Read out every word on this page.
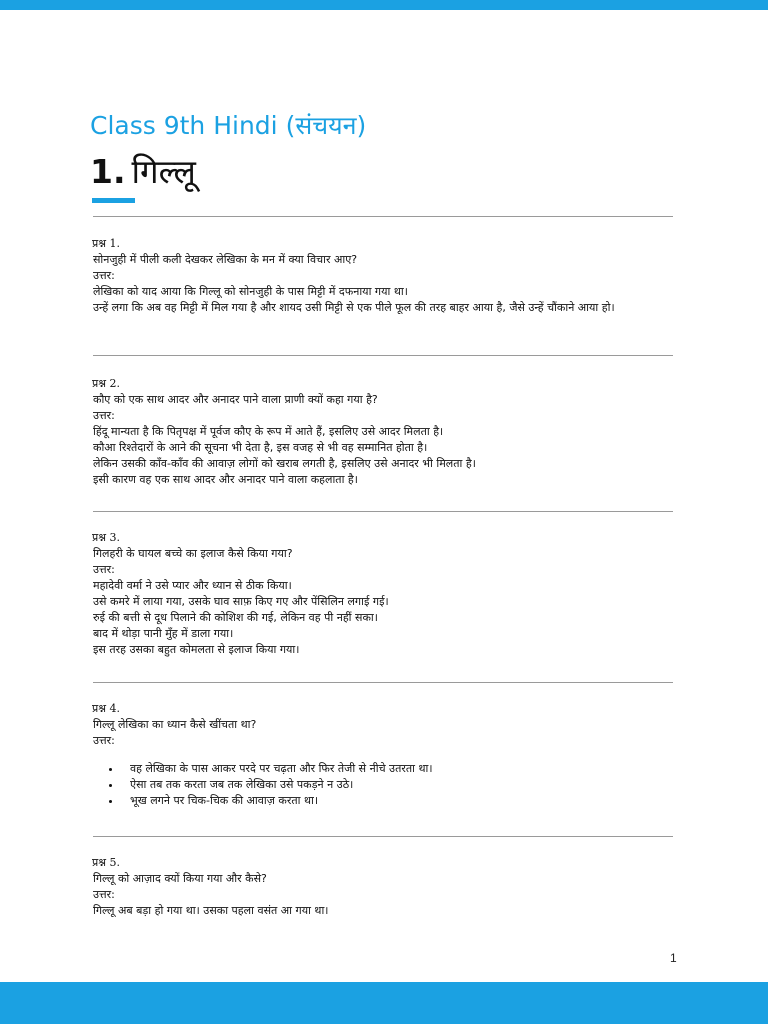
Class 9th Hindi (संचयन)
1. गिल्लू

प्रश्न 1.

सोनजुही में पीली कली देखकर लेखिका के मन में क्या विचार आए?

उत्तर:

लेखिका को याद आया कि गिल्लू को सोनजुही के पास मिट्टी में दफनाया गया था।

उन्हें लगा कि अब वह मिट्टी में मिल गया है और शायद उसी मिट्टी से एक पीले फूल की तरह बाहर आया है, जैसे उन्हें चौंकाने आया हो।

प्रश्न 2.

कौए को एक साथ आदर और अनादर पाने वाला प्राणी क्यों कहा गया है?

उत्तर:

हिंदू मान्यता है कि पितृपक्ष में पूर्वज कौए के रूप में आते हैं, इसलिए उसे आदर मिलता है।

कौआ रिश्तेदारों के आने की सूचना भी देता है, इस वजह से भी वह सम्मानित होता है।

लेकिन उसकी काँव-काँव की आवाज़ लोगों को खराब लगती है, इसलिए उसे अनादर भी मिलता है।

इसी कारण वह एक साथ आदर और अनादर पाने वाला कहलाता है।

प्रश्न 3.

गिलहरी के घायल बच्चे का इलाज कैसे किया गया?

उत्तर:

महादेवी वर्मा ने उसे प्यार और ध्यान से ठीक किया।

उसे कमरे में लाया गया, उसके घाव साफ़ किए गए और पेंसिलिन लगाई गई।

रुई की बत्ती से दूध पिलाने की कोशिश की गई, लेकिन वह पी नहीं सका।

बाद में थोड़ा पानी मुँह में डाला गया।

इस तरह उसका बहुत कोमलता से इलाज किया गया।

प्रश्न 4.

गिल्लू लेखिका का ध्यान कैसे खींचता था?

उत्तर:

• वह लेखिका के पास आकर परदे पर चढ़ता और फिर तेजी से नीचे उतरता था।
• ऐसा तब तक करता जब तक लेखिका उसे पकड़ने न उठे।
• भूख लगने पर चिक-चिक की आवाज़ करता था।

प्रश्न 5.

गिल्लू को आज़ाद क्यों किया गया और कैसे?

उत्तर:

गिल्लू अब बड़ा हो गया था। उसका पहला वसंत आ गया था।

1
